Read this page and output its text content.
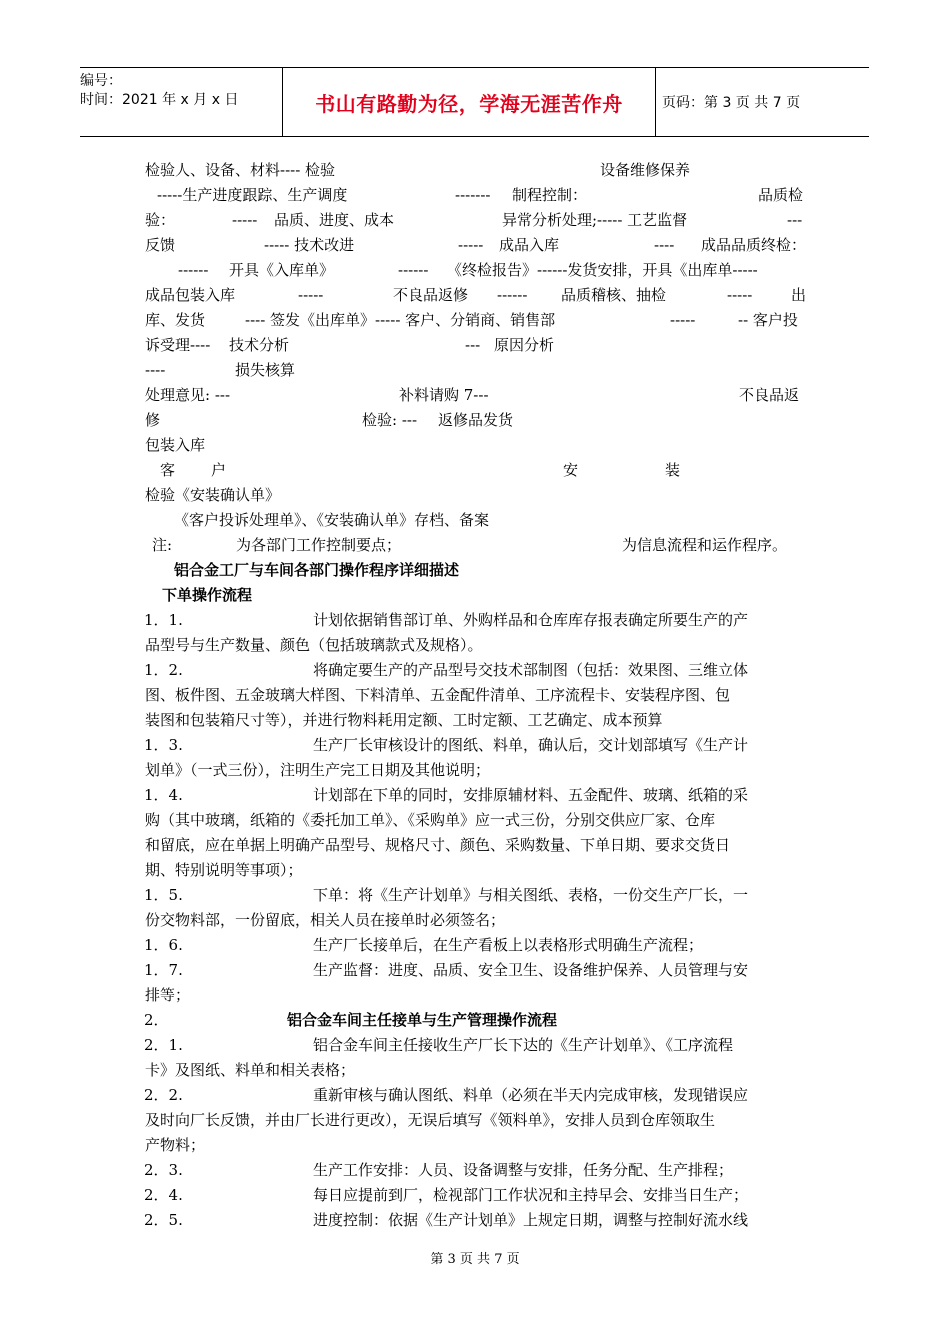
编号：
时间：2021 年 x 月 x 日	书山有路勤为径，学海无涯苦作舟	页码：第 3 页 共 7 页
检验人、设备、材料---- 检验	设备维修保养
-----生产进度跟踪、生产调度	------- 制程控制：	品质检
验：	----- 品质、进度、成本	异常分析处理;----- 工艺监督	---
反馈	----- 技术改进	----- 成品入库	---- 成品品质终检：
------ 开具《入库单》	------ 《终检报告》------发货安排，开具《出库单-----
成品包装入库	-----	不良品返修 ------ 品质稽核、抽检	-----	出
库、发货	---- 签发《出库单》----- 客户、分销商、销售部	-----	-- 客户投
诉受理---- 技术分析	--- 原因分析
----	损失核算
处理意见: ---	补料请购 7---	不良品返
修	检验: --- 返修品发货
包装入库
客 户	安	装
检验《安装确认单》
《客户投诉处理单》、《安装确认单》存档、备案
注:	为各部门工作控制要点；	为信息流程和运作程序。
铝合金工厂与车间各部门操作程序详细描述
下单操作流程
1．1.	计划依据销售部订单、外购样品和仓库库存报表确定所要生产的产
品型号与生产数量、颜色（包括玻璃款式及规格）。
1．2.	将确定要生产的产品型号交技术部制图（包括：效果图、三维立体
图、板件图、五金玻璃大样图、下料清单、五金配件清单、工序流程卡、安装程序图、包
装图和包装箱尺寸等），并进行物料耗用定额、工时定额、工艺确定、成本预算
1．3.	生产厂长审核设计的图纸、料单，确认后，交计划部填写《生产计
划单》（一式三份），注明生产完工日期及其他说明；
1．4.	计划部在下单的同时，安排原辅材料、五金配件、玻璃、纸箱的采
购（其中玻璃，纸箱的《委托加工单》、《采购单》应一式三份，分别交供应厂家、仓库
和留底，应在单据上明确产品型号、规格尺寸、颜色、采购数量、下单日期、要求交货日
期、特别说明等事项）；
1．5.	下单：将《生产计划单》与相关图纸、表格，一份交生产厂长，一
份交物料部，一份留底，相关人员在接单时必须签名；
1．6.	生产厂长接单后，在生产看板上以表格形式明确生产流程；
1．7.	生产监督：进度、品质、安全卫生、设备维护保养、人员管理与安
排等；
2．	铝合金车间主任接单与生产管理操作流程
2．1.	铝合金车间主任接收生产厂长下达的《生产计划单》、《工序流程
卡》及图纸、料单和相关表格；
2．2.	重新审核与确认图纸、料单（必须在半天内完成审核，发现错误应
及时向厂长反馈，并由厂长进行更改），无误后填写《领料单》，安排人员到仓库领取生
产物料；
2．3.	生产工作安排：人员、设备调整与安排，任务分配、生产排程；
2．4.	每日应提前到厂，检视部门工作状况和主持早会、安排当日生产；
2．5.	进度控制：依据《生产计划单》上规定日期，调整与控制好流水线
第 3 页 共 7 页
